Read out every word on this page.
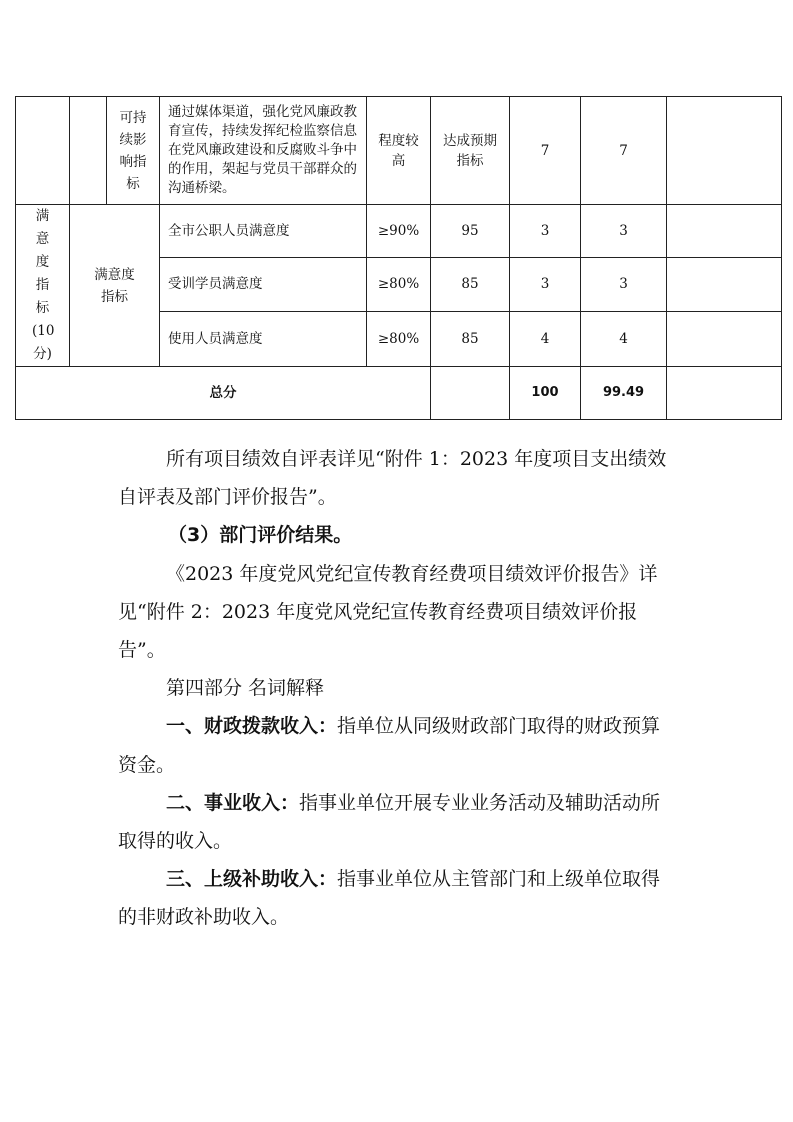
		可持续影响指标	通过媒体渠道，强化党风廉政教育宣传，持续发挥纪检监察信息在党风廉政建设和反腐败斗争中的作用，架起与党员干部群众的沟通桥梁。	程度较高	达成预期指标	7	7	
满意度指标(10分)	满意度指标		全市公职人员满意度	≥90%	95	3	3	
			受训学员满意度	≥80%	85	3	3	
			使用人员满意度	≥80%	85	4	4	
总分						100	99.49	

所有项目绩效自评表详见“附件 1：2023 年度项目支出绩效自评表及部门评价报告”。

（3）部门评价结果。

《2023 年度党风党纪宣传教育经费项目绩效评价报告》详见“附件 2：2023 年度党风党纪宣传教育经费项目绩效评价报告”。

第四部分 名词解释

一、财政拨款收入：指单位从同级财政部门取得的财政预算资金。

二、事业收入：指事业单位开展专业业务活动及辅助活动所取得的收入。

三、上级补助收入：指事业单位从主管部门和上级单位取得的非财政补助收入。
